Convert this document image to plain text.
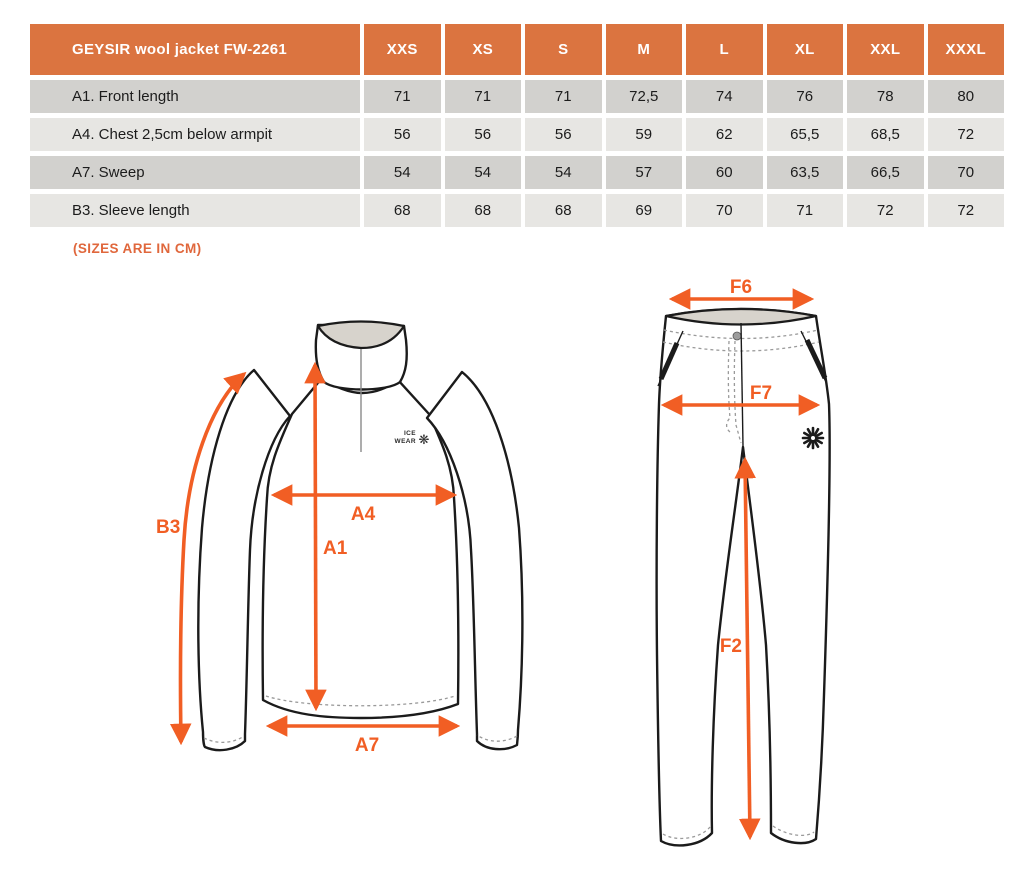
GEYSIR wool jacket FW-2261	XXS	XS	S	M	L	XL	XXL	XXXL
A1. Front length	71	71	71	72,5	74	76	78	80
A4. Chest 2,5cm below armpit	56	56	56	59	62	65,5	68,5	72
A7. Sweep	54	54	54	57	60	63,5	66,5	70
B3. Sleeve length	68	68	68	69	70	71	72	72
(SIZES ARE IN CM)
ICE
WEAR ❋
B3
A1
A4
A7
F6
F7
F2
